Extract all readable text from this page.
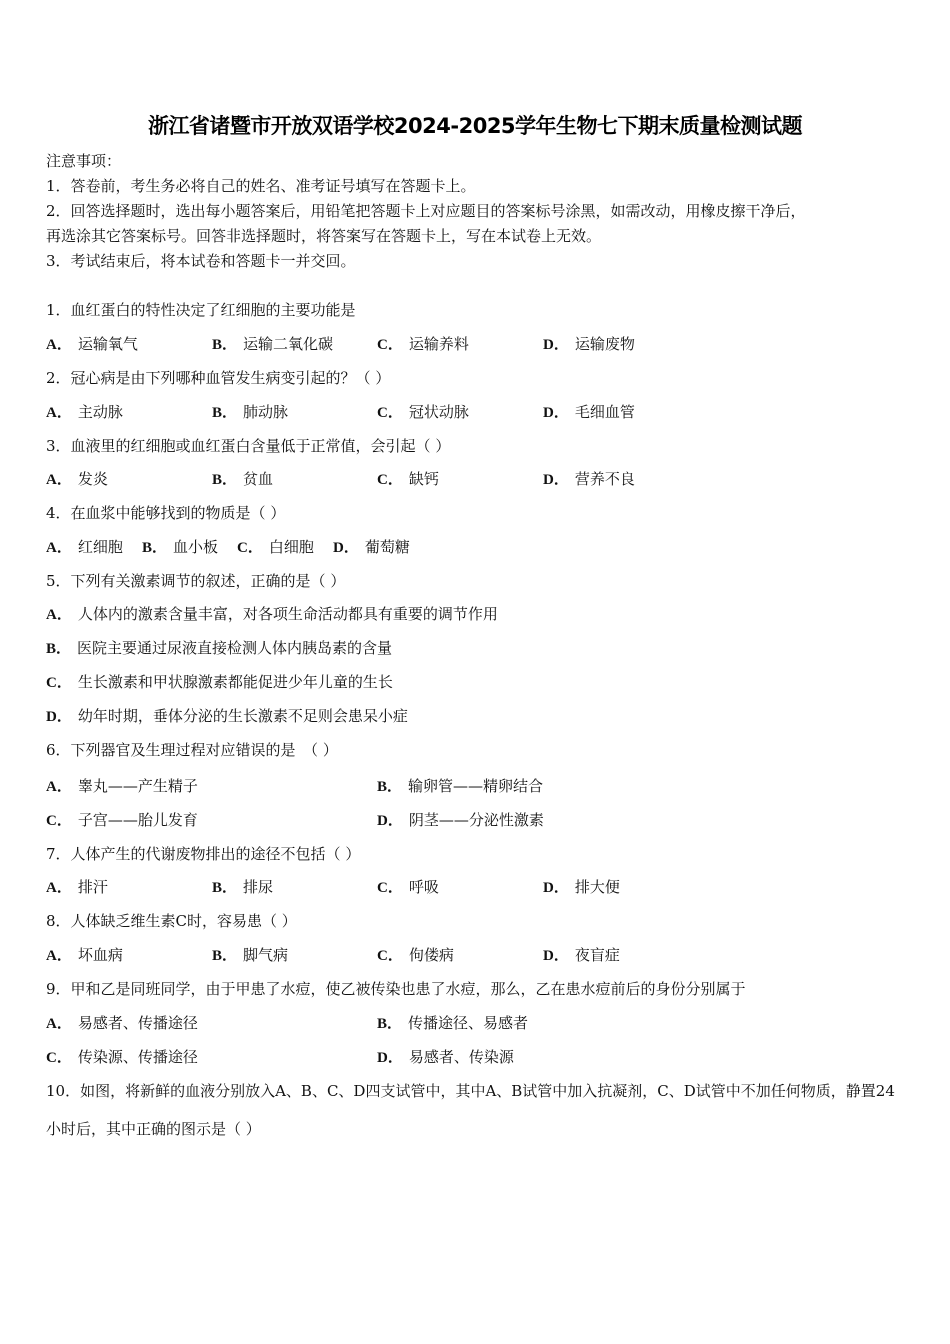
浙江省诸暨市开放双语学校2024-2025学年生物七下期末质量检测试题
注意事项：
1．答卷前，考生务必将自己的姓名、准考证号填写在答题卡上。
2．回答选择题时，选出每小题答案后，用铅笔把答题卡上对应题目的答案标号涂黑，如需改动，用橡皮擦干净后，
再选涂其它答案标号。回答非选择题时，将答案写在答题卡上，写在本试卷上无效。
3．考试结束后，将本试卷和答题卡一并交回。
1．血红蛋白的特性决定了红细胞的主要功能是
A． 运输氧气	B． 运输二氧化碳	C． 运输养料	D． 运输废物
2．冠心病是由下列哪种血管发生病变引起的？（ ）
A． 主动脉	B． 肺动脉	C． 冠状动脉	D． 毛细血管
3．血液里的红细胞或血红蛋白含量低于正常值，会引起（ ）
A． 发炎	B． 贫血	C． 缺钙	D． 营养不良
4．在血浆中能够找到的物质是（ ）
A． 红细胞 B． 血小板 C． 白细胞 D． 葡萄糖
5．下列有关激素调节的叙述，正确的是（ ）
A． 人体内的激素含量丰富，对各项生命活动都具有重要的调节作用
B． 医院主要通过尿液直接检测人体内胰岛素的含量
C． 生长激素和甲状腺激素都能促进少年儿童的生长
D． 幼年时期，垂体分泌的生长激素不足则会患呆小症
6．下列器官及生理过程对应错误的是　（ ）
A． 睾丸——产生精子	B． 输卵管——精卵结合
C． 子宫——胎儿发育	D． 阴茎——分泌性激素
7．人体产生的代谢废物排出的途径不包括（ ）
A． 排汗	B． 排尿	C． 呼吸	D． 排大便
8．人体缺乏维生素C时，容易患（ ）
A． 坏血病	B． 脚气病	C． 佝偻病	D． 夜盲症
9．甲和乙是同班同学，由于甲患了水痘，使乙被传染也患了水痘，那么，乙在患水痘前后的身份分别属于
A． 易感者、传播途径	B． 传播途径、易感者
C． 传染源、传播途径	D． 易感者、传染源
10．如图，将新鲜的血液分别放入A、B、C、D四支试管中，其中A、B试管中加入抗凝剂，C、D试管中不加任何物质，静置24小时后，其中正确的图示是（ ）
